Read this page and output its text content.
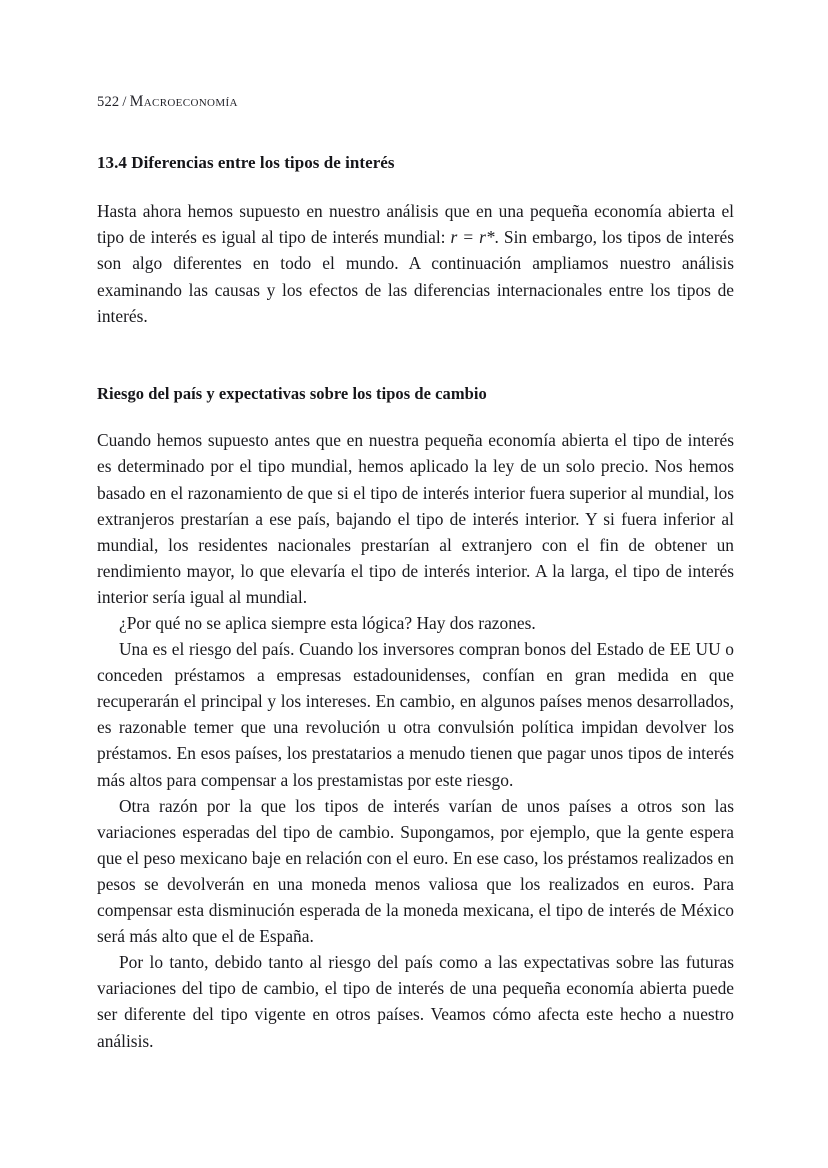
522 / Macroeconomía
13.4 Diferencias entre los tipos de interés

Hasta ahora hemos supuesto en nuestro análisis que en una pequeña economía abierta el tipo de interés es igual al tipo de interés mundial: r = r*. Sin embargo, los tipos de interés son algo diferentes en todo el mundo. A continuación ampliamos nuestro análisis examinando las causas y los efectos de las diferencias internacionales entre los tipos de interés.

Riesgo del país y expectativas sobre los tipos de cambio

Cuando hemos supuesto antes que en nuestra pequeña economía abierta el tipo de interés es determinado por el tipo mundial, hemos aplicado la ley de un solo precio. Nos hemos basado en el razonamiento de que si el tipo de interés interior fuera superior al mundial, los extranjeros prestarían a ese país, bajando el tipo de interés interior. Y si fuera inferior al mundial, los residentes nacionales prestarían al extranjero con el fin de obtener un rendimiento mayor, lo que elevaría el tipo de interés interior. A la larga, el tipo de interés interior sería igual al mundial.

¿Por qué no se aplica siempre esta lógica? Hay dos razones.

Una es el riesgo del país. Cuando los inversores compran bonos del Estado de EE UU o conceden préstamos a empresas estadounidenses, confían en gran medida en que recuperarán el principal y los intereses. En cambio, en algunos países menos desarrollados, es razonable temer que una revolución u otra convulsión política impidan devolver los préstamos. En esos países, los prestatarios a menudo tienen que pagar unos tipos de interés más altos para compensar a los prestamistas por este riesgo.

Otra razón por la que los tipos de interés varían de unos países a otros son las variaciones esperadas del tipo de cambio. Supongamos, por ejemplo, que la gente espera que el peso mexicano baje en relación con el euro. En ese caso, los préstamos realizados en pesos se devolverán en una moneda menos valiosa que los realizados en euros. Para compensar esta disminución esperada de la moneda mexicana, el tipo de interés de México será más alto que el de España.

Por lo tanto, debido tanto al riesgo del país como a las expectativas sobre las futuras variaciones del tipo de cambio, el tipo de interés de una pequeña economía abierta puede ser diferente del tipo vigente en otros países. Veamos cómo afecta este hecho a nuestro análisis.
